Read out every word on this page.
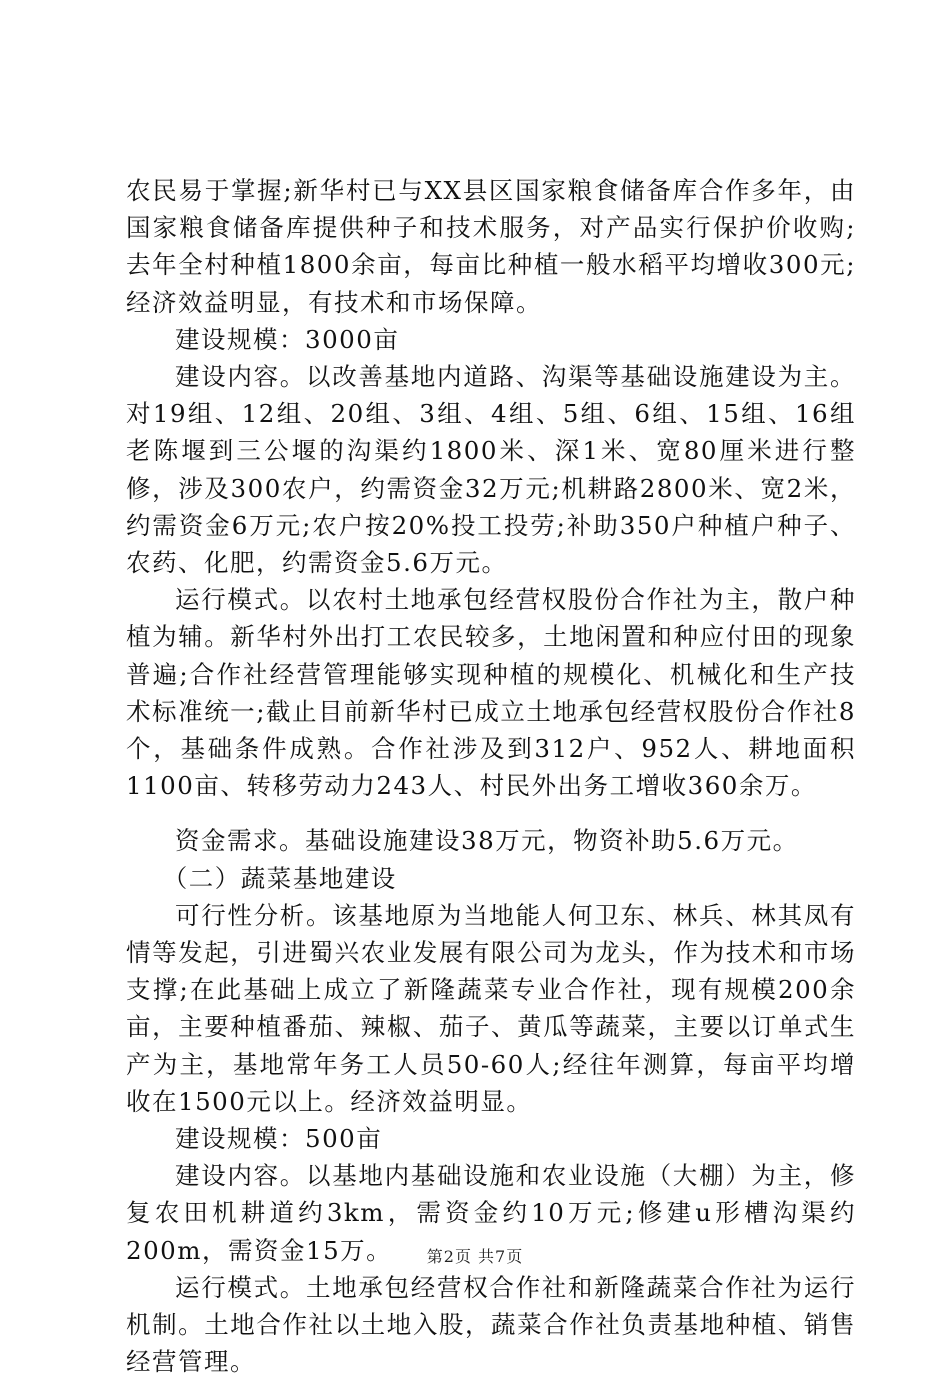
农民易于掌握;新华村已与XX县区国家粮食储备库合作多年，由国家粮食储备库提供种子和技术服务，对产品实行保护价收购;去年全村种植1800余亩，每亩比种植一般水稻平均增收300元;经济效益明显，有技术和市场保障。

建设规模：3000亩

建设内容。以改善基地内道路、沟渠等基础设施建设为主。对19组、12组、20组、3组、4组、5组、6组、15组、16组老陈堰到三公堰的沟渠约1800米、深1米、宽80厘米进行整修，涉及300农户，约需资金32万元;机耕路2800米、宽2米，约需资金6万元;农户按20%投工投劳;补助350户种植户种子、农药、化肥，约需资金5.6万元。

运行模式。以农村土地承包经营权股份合作社为主，散户种植为辅。新华村外出打工农民较多，土地闲置和种应付田的现象普遍;合作社经营管理能够实现种植的规模化、机械化和生产技术标准统一;截止目前新华村已成立土地承包经营权股份合作社8个，基础条件成熟。合作社涉及到312户、952人、耕地面积1100亩、转移劳动力243人、村民外出务工增收360余万。

资金需求。基础设施建设38万元，物资补助5.6万元。

（二）蔬菜基地建设

可行性分析。该基地原为当地能人何卫东、林兵、林其凤有情等发起，引进蜀兴农业发展有限公司为龙头，作为技术和市场支撑;在此基础上成立了新隆蔬菜专业合作社，现有规模200余亩，主要种植番茄、辣椒、茄子、黄瓜等蔬菜，主要以订单式生产为主，基地常年务工人员50-60人;经往年测算，每亩平均增收在1500元以上。经济效益明显。

建设规模：500亩

建设内容。以基地内基础设施和农业设施（大棚）为主，修复农田机耕道约3km，需资金约10万元;修建u形槽沟渠约200m，需资金15万。

运行模式。土地承包经营权合作社和新隆蔬菜合作社为运行机制。土地合作社以土地入股，蔬菜合作社负责基地种植、销售经营管理。

第2页 共7页
